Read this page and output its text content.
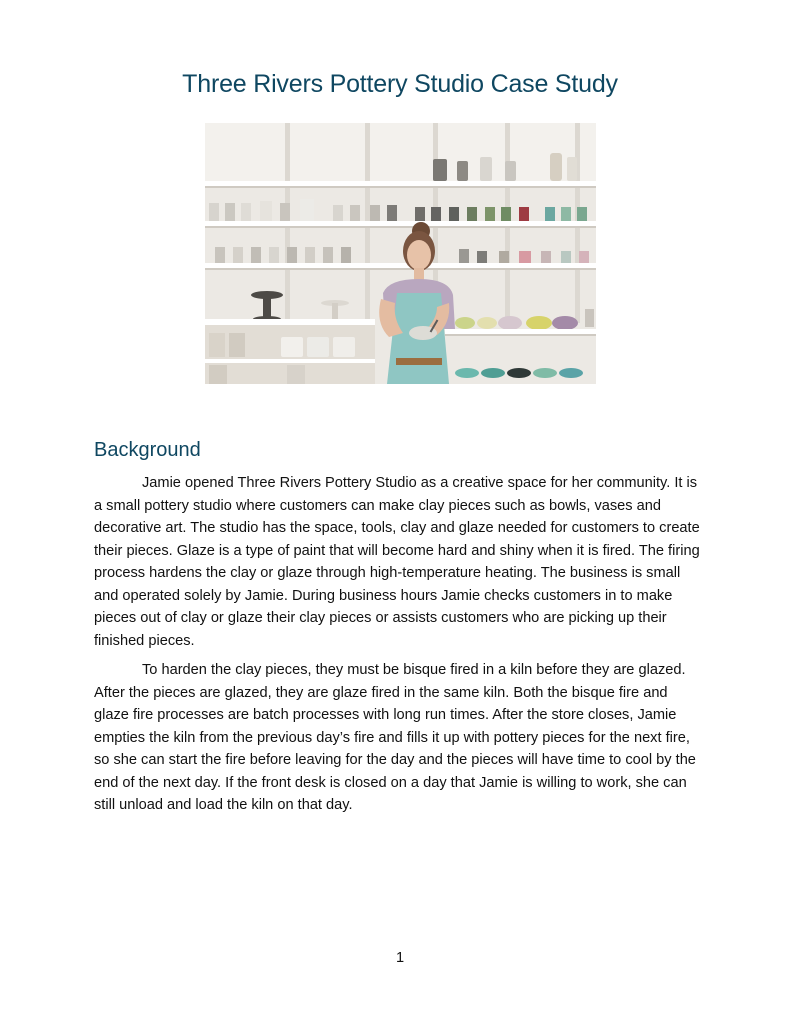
Three Rivers Pottery Studio Case Study
Background

Jamie opened Three Rivers Pottery Studio as a creative space for her community. It is a small pottery studio where customers can make clay pieces such as bowls, vases and decorative art. The studio has the space, tools, clay and glaze needed for customers to create their pieces. Glaze is a type of paint that will become hard and shiny when it is fired. The firing process hardens the clay or glaze through high-temperature heating. The business is small and operated solely by Jamie. During business hours Jamie checks customers in to make pieces out of clay or glaze their clay pieces or assists customers who are picking up their finished pieces.

To harden the clay pieces, they must be bisque fired in a kiln before they are glazed. After the pieces are glazed, they are glaze fired in the same kiln. Both the bisque fire and glaze fire processes are batch processes with long run times. After the store closes, Jamie empties the kiln from the previous day’s fire and fills it up with pottery pieces for the next fire, so she can start the fire before leaving for the day and the pieces will have time to cool by the end of the next day. If the front desk is closed on a day that Jamie is willing to work, she can still unload and load the kiln on that day.

1
